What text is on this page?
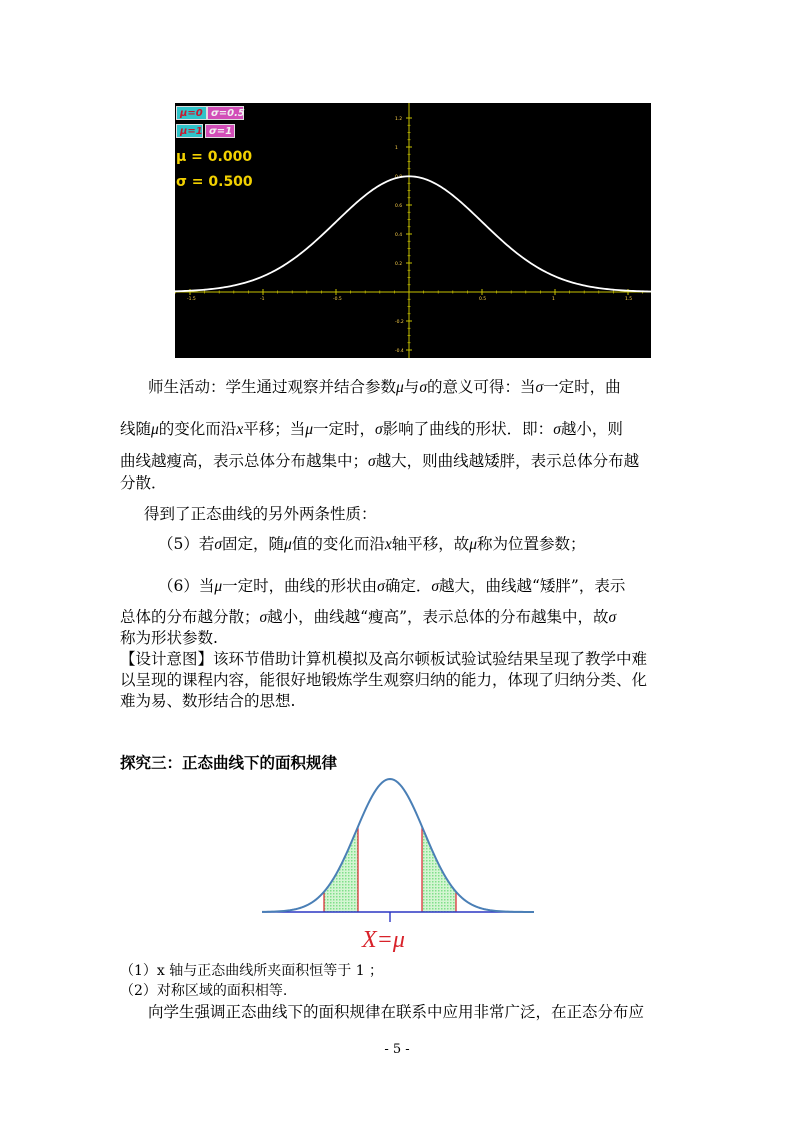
-1.5	-1	-0.5	0.5	1	1.5
1.2
1
0.8
0.6
0.4
0.2
-0.2
-0.4
μ=0 σ=0.5
μ=1 σ=1
μ = 0.000
σ = 0.500
师生活动：学生通过观察并结合参数μ与σ的意义可得：当σ一定时，曲
线随μ的变化而沿x平移；当μ一定时，σ影响了曲线的形状．即：σ越小，则
曲线越瘦高，表示总体分布越集中；σ越大，则曲线越矮胖，表示总体分布越
分散．
得到了正态曲线的另外两条性质：
（5）若σ固定，随μ值的变化而沿x轴平移，故μ称为位置参数；
（6）当μ一定时，曲线的形状由σ确定．σ越大，曲线越“矮胖”，表示
总体的分布越分散；σ越小，曲线越“瘦高”，表示总体的分布越集中，故σ
称为形状参数.
【设计意图】该环节借助计算机模拟及高尔顿板试验试验结果呈现了教学中难
以呈现的课程内容，能很好地锻炼学生观察归纳的能力，体现了归纳分类、化
难为易、数形结合的思想.
探究三：正态曲线下的面积规律
X=μ
（1）x 轴与正态曲线所夹面积恒等于 1 ；
（2）对称区域的面积相等.
向学生强调正态曲线下的面积规律在联系中应用非常广泛，在正态分布应
- 5 -
